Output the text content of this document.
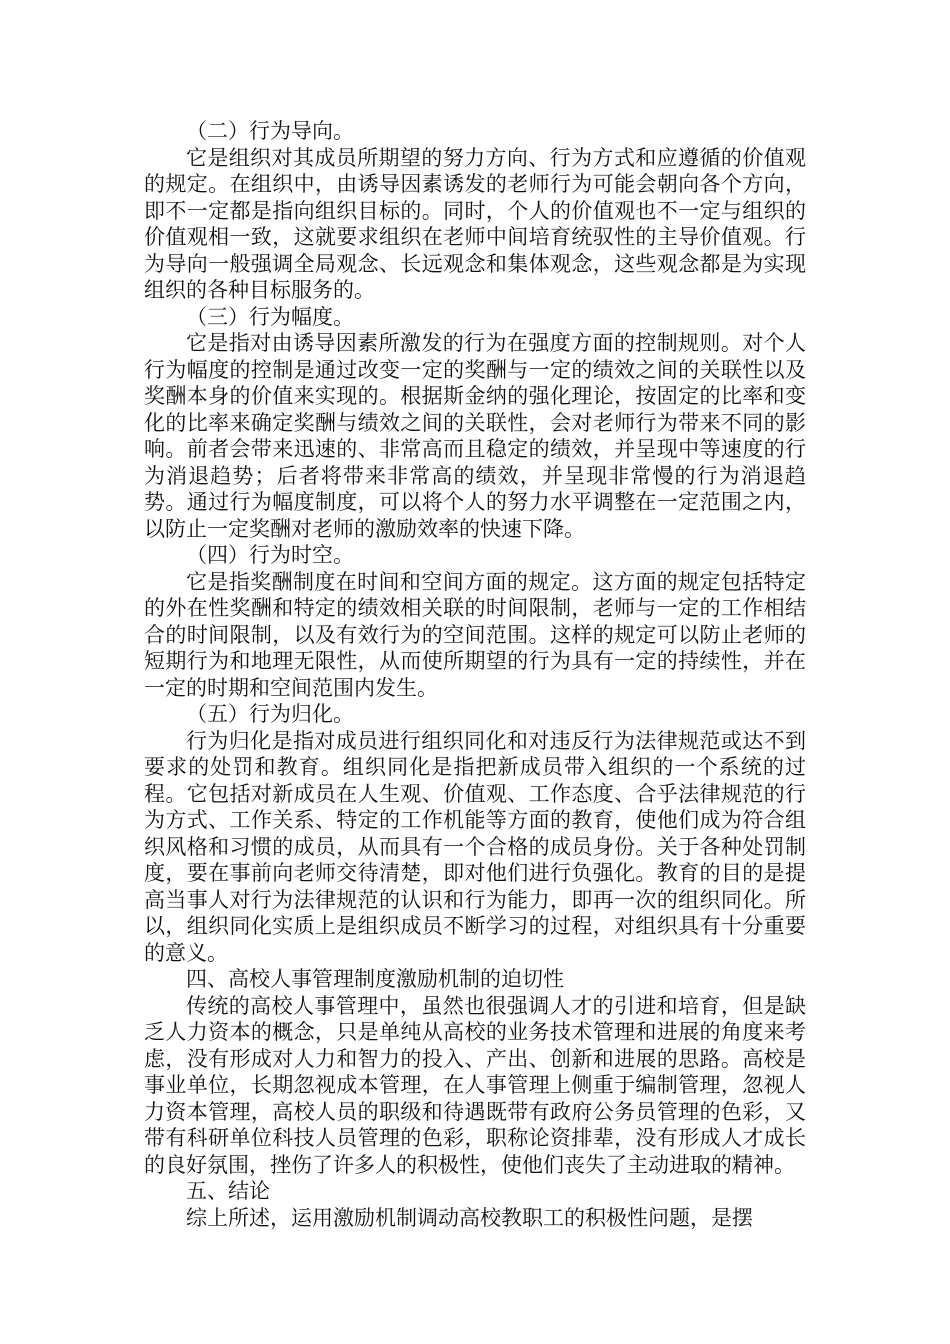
（二）行为导向。

它是组织对其成员所期望的努力方向、行为方式和应遵循的价值观的规定。在组织中，由诱导因素诱发的老师行为可能会朝向各个方向，即不一定都是指向组织目标的。同时，个人的价值观也不一定与组织的价值观相一致，这就要求组织在老师中间培育统驭性的主导价值观。行为导向一般强调全局观念、长远观念和集体观念，这些观念都是为实现组织的各种目标服务的。

（三）行为幅度。

它是指对由诱导因素所激发的行为在强度方面的控制规则。对个人行为幅度的控制是通过改变一定的奖酬与一定的绩效之间的关联性以及奖酬本身的价值来实现的。根据斯金纳的强化理论，按固定的比率和变化的比率来确定奖酬与绩效之间的关联性，会对老师行为带来不同的影响。前者会带来迅速的、非常高而且稳定的绩效，并呈现中等速度的行为消退趋势；后者将带来非常高的绩效，并呈现非常慢的行为消退趋势。通过行为幅度制度，可以将个人的努力水平调整在一定范围之内，以防止一定奖酬对老师的激励效率的快速下降。

（四）行为时空。

它是指奖酬制度在时间和空间方面的规定。这方面的规定包括特定的外在性奖酬和特定的绩效相关联的时间限制，老师与一定的工作相结合的时间限制，以及有效行为的空间范围。这样的规定可以防止老师的短期行为和地理无限性，从而使所期望的行为具有一定的持续性，并在一定的时期和空间范围内发生。

（五）行为归化。

行为归化是指对成员进行组织同化和对违反行为法律规范或达不到要求的处罚和教育。组织同化是指把新成员带入组织的一个系统的过程。它包括对新成员在人生观、价值观、工作态度、合乎法律规范的行为方式、工作关系、特定的工作机能等方面的教育，使他们成为符合组织风格和习惯的成员，从而具有一个合格的成员身份。关于各种处罚制度，要在事前向老师交待清楚，即对他们进行负强化。教育的目的是提高当事人对行为法律规范的认识和行为能力，即再一次的组织同化。所以，组织同化实质上是组织成员不断学习的过程，对组织具有十分重要的意义。

四、高校人事管理制度激励机制的迫切性

传统的高校人事管理中，虽然也很强调人才的引进和培育，但是缺乏人力资本的概念，只是单纯从高校的业务技术管理和进展的角度来考虑，没有形成对人力和智力的投入、产出、创新和进展的思路。高校是事业单位，长期忽视成本管理，在人事管理上侧重于编制管理，忽视人力资本管理，高校人员的职级和待遇既带有政府公务员管理的色彩，又带有科研单位科技人员管理的色彩，职称论资排辈，没有形成人才成长的良好氛围，挫伤了许多人的积极性，使他们丧失了主动进取的精神。

五、结论

综上所述，运用激励机制调动高校教职工的积极性问题，是摆
